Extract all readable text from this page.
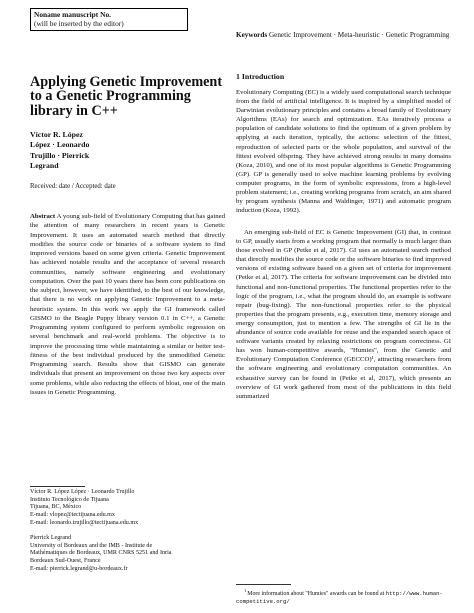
Noname manuscript No.
(will be inserted by the editor)
Keywords Genetic Improvement · Meta-heuristic · Genetic Programming
Applying Genetic Improvement to a Genetic Programming library in C++
Víctor R. López
López · Leonardo
Trujillo · Pierrick
Legrand
Received: date / Accepted: date
Abstract A young sub-field of Evolutionary Computing that has gained the attention of many researchers in recent years is Genetic Improvement. It uses an automated search method that directly modifies the source code or binaries of a software system to find improved versions based on some given criteria. Genetic Improvement has achieved notable results and the acceptance of several research communities, namely software engineering and evolutionary computation. Over the past 10 years there has been core publications on the subject, however, we have identified, to the best of our knowledge, that there is no work on applying Genetic Improvement to a meta-heuristic system. In this work we apply the GI framework called GISMO to the Beagle Puppy library version 0.1 in C++, a Genetic Programming system configured to perform symbolic regression on several benchmark and real-world problems. The objective is to improve the processing time while maintaining a similar or better test-fitness of the best individual produced by the unmodified Genetic Programming search. Results show that GISMO can generate individuals that present an improvement on those two key aspects over some problems, while also reducing the effects of bloat, one of the main issues in Genetic Programming.
Víctor R. López López · Leonardo Trujillo
Instituto Tecnológico de Tijuana
Tijuana, BC, México
E-mail: vlopez@tectijuana.edu.mx
E-mail: leonardo.trujillo@tectijuana.edu.mx
Pierrick Legrand
University of Bordeaux and the IMB - Institute de
Mathématiques de Bordeaux, UMR CNRS 5251 and Inria
Bordeaux Sud-Ouest, France
E-mail: pierrick.legrand@u-bordeaux.fr
1 Introduction
Evolutionary Computing (EC) is a widely used computational search technique from the field of artificial intelligence. It is inspired by a simplified model of Darwinian evolutionary principles and contains a broad family of Evolutionary Algorithms (EAs) for search and optimization. EAs iteratively process a population of candidate solutions to find the optimum of a given problem by applying at each iteration, typically, the actions: selection of the fittest, reproduction of selected parts or the whole population, and survival of the fittest evolved offspring. They have achieved strong results in many domains (Koza, 2010), and one of its most popular algorithms is Genetic Programming (GP). GP is generally used to solve machine learning problems by evolving computer programs, in the form of symbolic expressions, from a high-level problem statement; i.e., creating working programs from scratch, an aim shared by program synthesis (Manna and Waldinger, 1971) and automatic program induction (Koza, 1992).
An emerging sub-field of EC is Genetic Improvement (GI) that, in contrast to GP, usually starts from a working program that normally is much larger than those evolved in GP (Petke et al, 2017). GI uses an automated search method that directly modifies the source code or the software binaries to find improved versions of existing software based on a given set of criteria for improvement (Petke et al, 2017). The criteria for software improvement can be divided into functional and non-functional properties. The functional properties refer to the logic of the program, i.e., what the program should do, an example is software repair (bug-fixing). The non-functional properties refer to the physical properties that the program presents, e.g., execution time, memory storage and energy consumption, just to mention a few. The strengths of GI lie in the abundance of source code available for reuse and the expanded search space of software variants created by relaxing restrictions on program correctness. GI has won human-competitive awards, "Humies", from the Genetic and Evolutionary Computation Conference (GECCO)¹, attracting researchers from the software engineering and evolutionary computation communities. An exhaustive survey can be found in (Petke et al, 2017), which presents an overview of GI work gathered from most of the publications in this field summarized
$^1$More information about "Humies" awards can be found at http://www.human-competitive.org/
